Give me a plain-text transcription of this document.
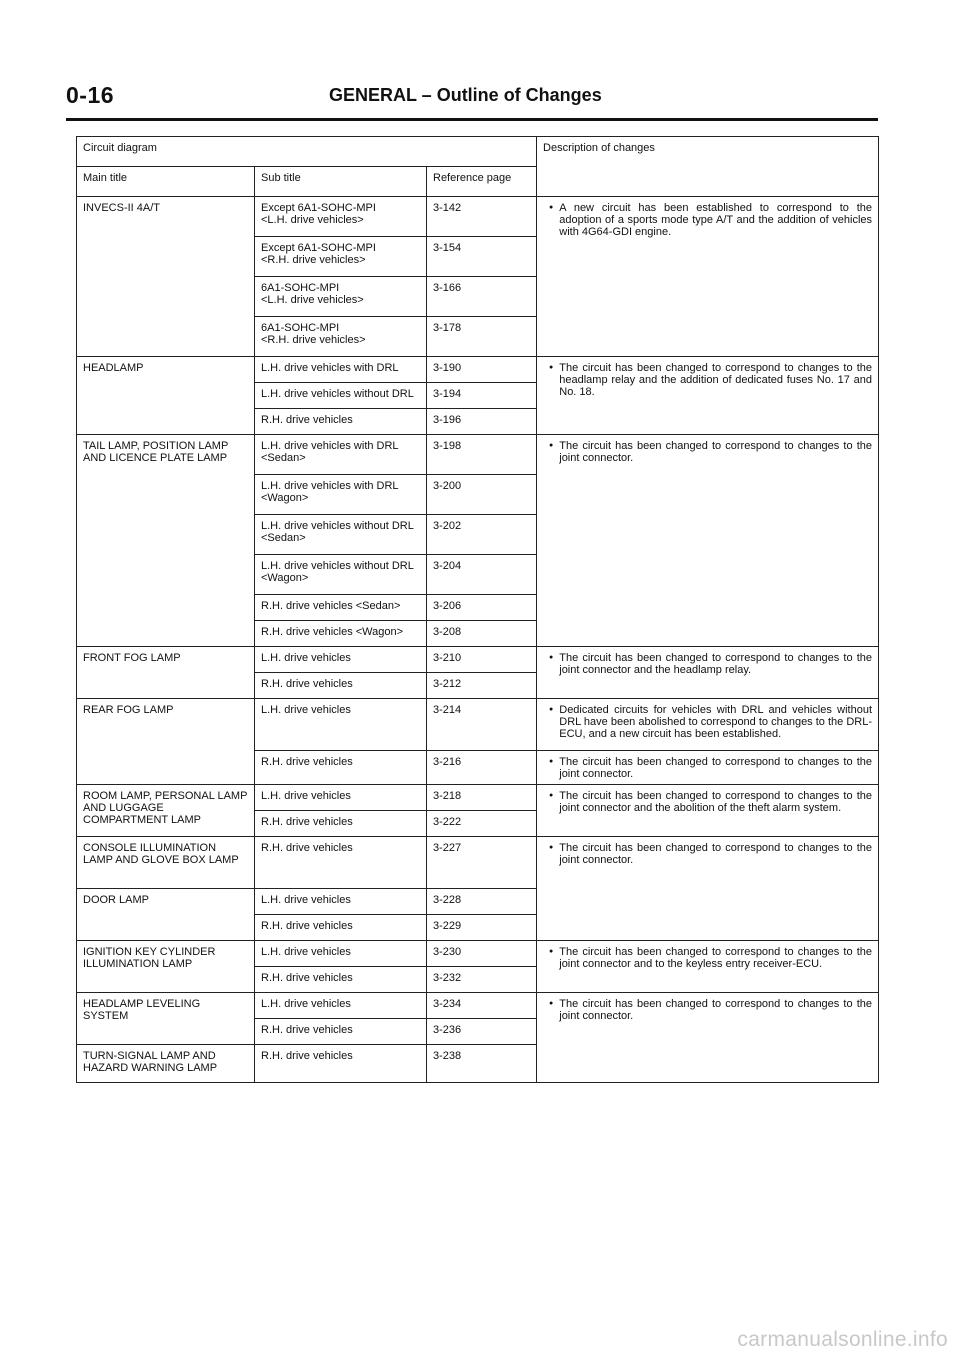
0-16	GENERAL – Outline of Changes
Circuit diagram			Description of changes
Main title	Sub title	Reference page	
INVECS-II 4A/T	Except 6A1-SOHC-MPI
<L.H. drive vehicles>	3-142	● A new circuit has been established to correspond to the adoption of a sports mode type A/T and the addition of vehicles with 4G64-GDI engine.

	Except 6A1-SOHC-MPI
<R.H. drive vehicles>	3-154	
	6A1-SOHC-MPI
<L.H. drive vehicles>	3-166	
	6A1-SOHC-MPI
<R.H. drive vehicles>	3-178	
HEADLAMP	L.H. drive vehicles with DRL	3-190	● The circuit has been changed to correspond to changes to the headlamp relay and the addition of dedicated fuses No. 17 and No. 18.

	L.H. drive vehicles without DRL	3-194	
	R.H. drive vehicles	3-196	
TAIL LAMP, POSITION LAMP AND LICENCE PLATE LAMP	L.H. drive vehicles with DRL
<Sedan>	3-198	● The circuit has been changed to correspond to changes to the joint connector.

	L.H. drive vehicles with DRL
<Wagon>	3-200	
	L.H. drive vehicles without DRL
<Sedan>	3-202	
	L.H. drive vehicles without DRL
<Wagon>	3-204	
	R.H. drive vehicles <Sedan>	3-206	
	R.H. drive vehicles <Wagon>	3-208	
FRONT FOG LAMP	L.H. drive vehicles	3-210	● The circuit has been changed to correspond to changes to the joint connector and the headlamp relay.

	R.H. drive vehicles	3-212	
REAR FOG LAMP	L.H. drive vehicles	3-214	● Dedicated circuits for vehicles with DRL and vehicles without DRL have been abolished to correspond to changes to the DRL-ECU, and a new circuit has been established.

	R.H. drive vehicles	3-216	● The circuit has been changed to correspond to changes to the joint connector.

ROOM LAMP, PERSONAL LAMP AND LUGGAGE COMPARTMENT LAMP	L.H. drive vehicles	3-218	● The circuit has been changed to correspond to changes to the joint connector and the abolition of the theft alarm system.

	R.H. drive vehicles	3-222	
CONSOLE ILLUMINATION LAMP AND GLOVE BOX LAMP	R.H. drive vehicles	3-227	● The circuit has been changed to correspond to changes to the joint connector.

DOOR LAMP	L.H. drive vehicles	3-228	
	R.H. drive vehicles	3-229	
IGNITION KEY CYLINDER ILLUMINATION LAMP	L.H. drive vehicles	3-230	● The circuit has been changed to correspond to changes to the joint connector and to the keyless entry receiver-ECU.

	R.H. drive vehicles	3-232	
HEADLAMP LEVELING SYSTEM	L.H. drive vehicles	3-234	● The circuit has been changed to correspond to changes to the joint connector.

	R.H. drive vehicles	3-236	
TURN-SIGNAL LAMP AND HAZARD WARNING LAMP	R.H. drive vehicles	3-238	
carmanualsonline.info
